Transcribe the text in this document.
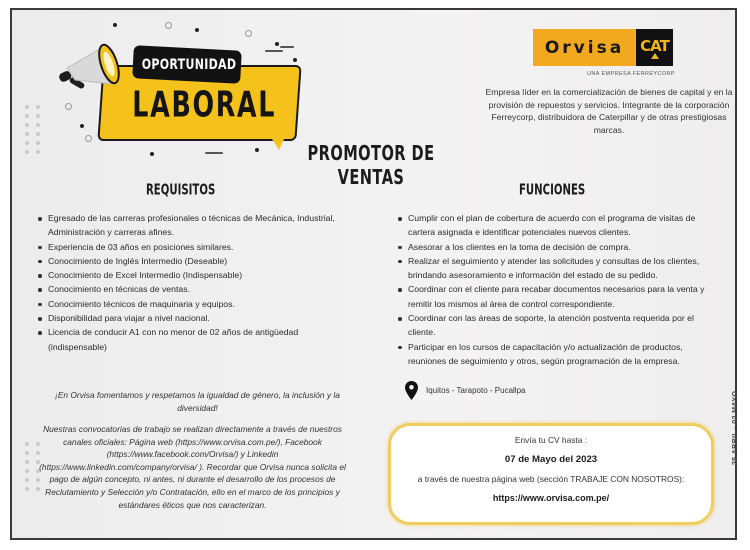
OPORTUNIDAD
LABORAL
Orvisa	CAT
UNA EMPRESA FERREYCORP
Empresa líder en la comercialización de bienes de capital y en la provisión de repuestos y servicios. Integrante de la corporación Ferreycorp, distribuidora de Caterpillar y de otras prestigiosas marcas.
PROMOTOR DE VENTAS
REQUISITOS
Egresado de las carreras profesionales o técnicas de Mecánica, Industrial, Administración y carreras afines.
Experiencia de 03 años en posiciones similares.
Conocimiento de Inglés Intermedio (Deseable)
Conocimiento de Excel Intermedio (Indispensable)
Conocimiento en técnicas de ventas.
Conocimiento técnicos de maquinaria y equipos.
Disponibilidad para viajar a nivel nacional.
Licencia de conducir A1 con no menor de 02 años de antigüedad (indispensable)
FUNCIONES
Cumplir con el plan de cobertura de acuerdo con el programa de visitas de cartera asignada e identificar potenciales nuevos clientes.
Asesorar a los clientes en la toma de decisión de compra.
Realizar el seguimiento y atender las solicitudes y consultas de los clientes, brindando asesoramiento e información del estado de su pedido.
Coordinar con el cliente para recabar documentos necesarios para la venta y remitir los mismos al área de control correspondiente.
Coordinar con las áreas de soporte, la atención postventa requerida por el cliente.
Participar en los cursos de capacitación y/o actualización de productos, reuniones de seguimiento y otros, según programación de la empresa.
Iquitos - Tarapoto - Pucallpa
¡En Orvisa fomentamos y respetamos la igualdad de género, la inclusión y la diversidad!
Nuestras convocatorias de trabajo se realizan directamente a través de nuestros canales oficiales: Página web (https://www.orvisa.com.pe/), Facebook (https://www.facebook.com/Orvisa/) y Linkedin (https://www.linkedin.com/company/orvisa/ ). Recordar que Orvisa nunca solicita el pago de algún concepto, ni antes, ni durante el desarrollo de los procesos de Reclutamiento y Selección y/o Contratación, ello en el marco de los principios y estándares éticos que nos caracterizan.
Envía tu CV hasta :
07 de Mayo del 2023
a través de nuestra página web (sección TRABAJE CON NOSOTROS):
https://www.orvisa.com.pe/
25 ABRIL - 02 MAYO
